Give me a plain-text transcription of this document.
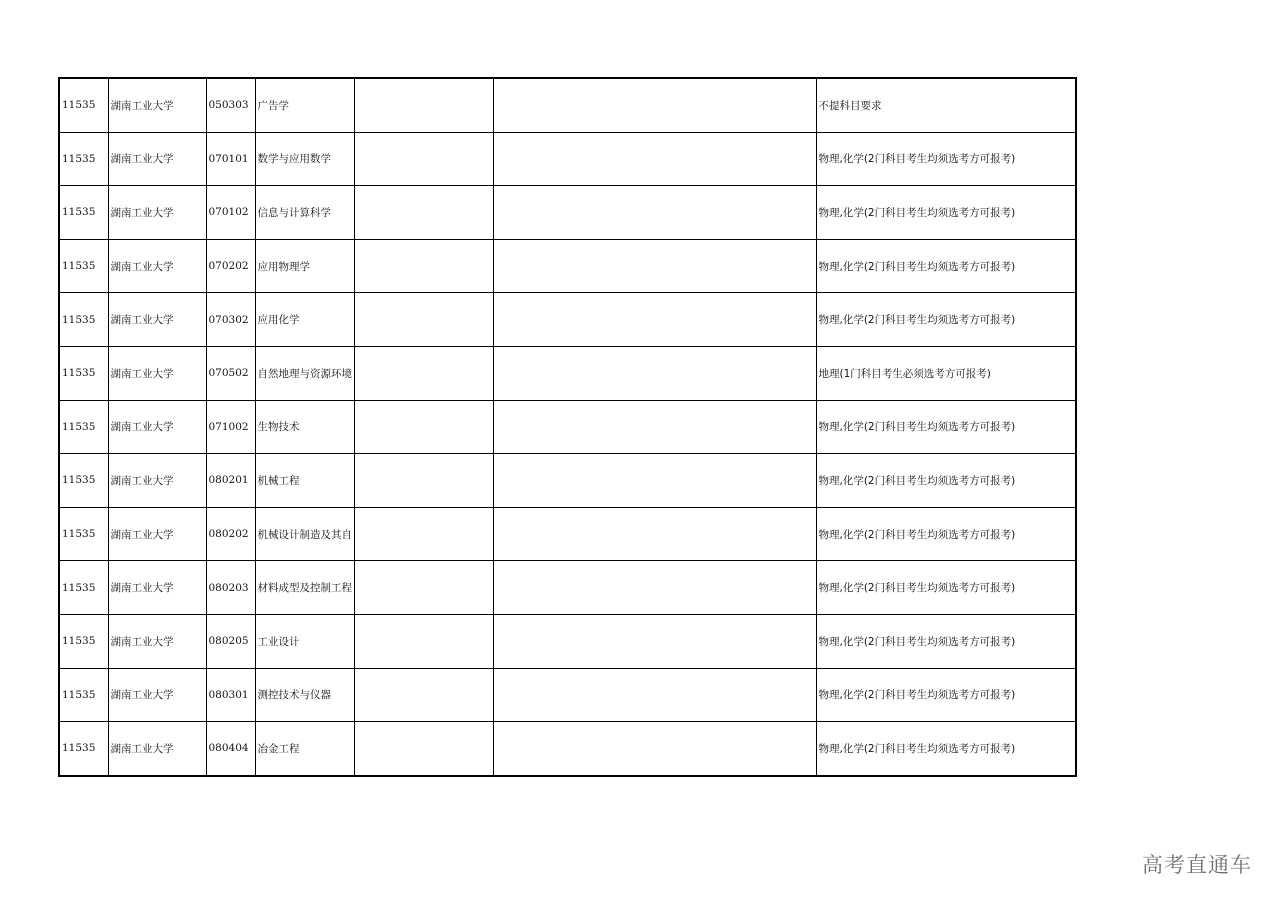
11535	湖南工业大学	050303	广告学			不提科目要求
11535	湖南工业大学	070101	数学与应用数学			物理,化学(2门科目考生均须选考方可报考)
11535	湖南工业大学	070102	信息与计算科学			物理,化学(2门科目考生均须选考方可报考)
11535	湖南工业大学	070202	应用物理学			物理,化学(2门科目考生均须选考方可报考)
11535	湖南工业大学	070302	应用化学			物理,化学(2门科目考生均须选考方可报考)
11535	湖南工业大学	070502	自然地理与资源环境			地理(1门科目考生必须选考方可报考)
11535	湖南工业大学	071002	生物技术			物理,化学(2门科目考生均须选考方可报考)
11535	湖南工业大学	080201	机械工程			物理,化学(2门科目考生均须选考方可报考)
11535	湖南工业大学	080202	机械设计制造及其自			物理,化学(2门科目考生均须选考方可报考)
11535	湖南工业大学	080203	材料成型及控制工程			物理,化学(2门科目考生均须选考方可报考)
11535	湖南工业大学	080205	工业设计			物理,化学(2门科目考生均须选考方可报考)
11535	湖南工业大学	080301	测控技术与仪器			物理,化学(2门科目考生均须选考方可报考)
11535	湖南工业大学	080404	冶金工程			物理,化学(2门科目考生均须选考方可报考)
高考直通车
